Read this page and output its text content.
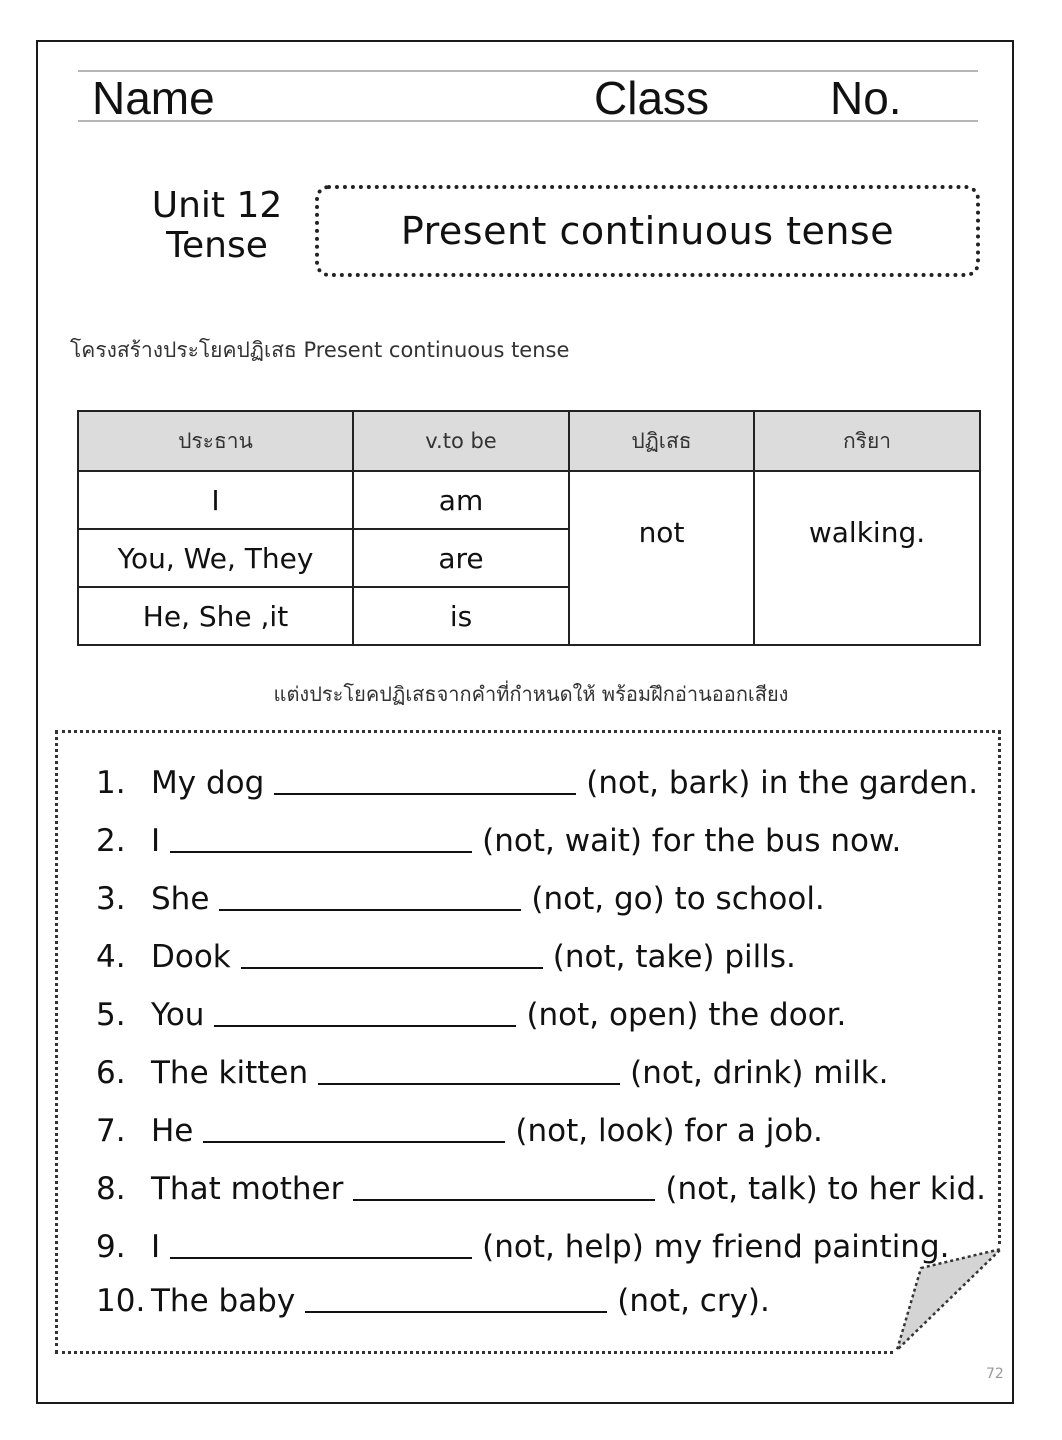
Name	Class	No.
Unit 12
Tense	Present continuous tense
โครงสร้างประโยคปฏิเสธ Present continuous tense
ประธาน	v.to be	ปฏิเสธ	กริยา
I	am	not	walking.
You, We, They	are		
He, She ,it	is		
แต่งประโยคปฏิเสธจากคำที่กำหนดให้ พร้อมฝึกอ่านออกเสียง
1. My dog	(not, bark) in the garden.
2. I	(not, wait) for the bus now.
3. She	(not, go) to school.
4. Dook	(not, take) pills.
5. You	(not, open) the door.
6. The kitten	(not, drink) milk.
7. He	(not, look) for a job.
8. That mother	(not, talk) to her kid.
9. I	(not, help) my friend painting.
10. The baby	(not, cry).
72
